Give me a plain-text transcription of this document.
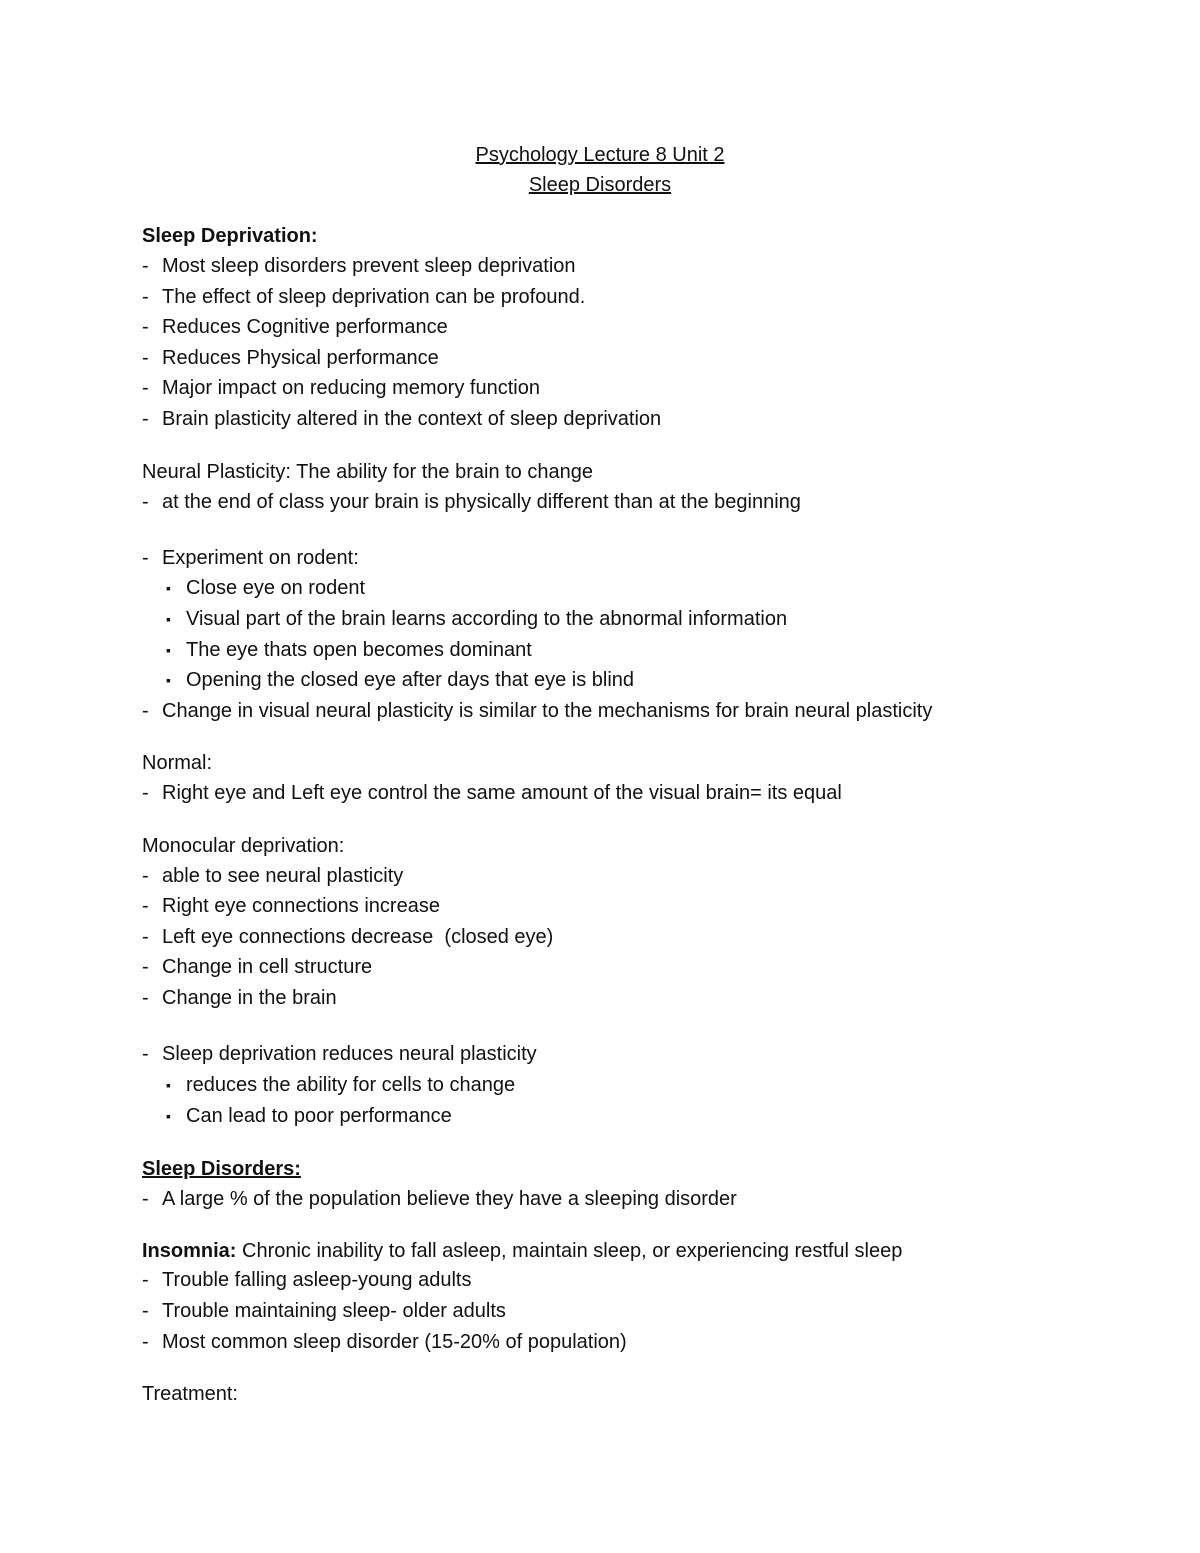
Psychology Lecture 8 Unit 2
Sleep Disorders
Sleep Deprivation:
- Most sleep disorders prevent sleep deprivation
- The effect of sleep deprivation can be profound.
- Reduces Cognitive performance
- Reduces Physical performance
- Major impact on reducing memory function
- Brain plasticity altered in the context of sleep deprivation
Neural Plasticity: The ability for the brain to change
- at the end of class your brain is physically different than at the beginning
- Experiment on rodent:
▪ Close eye on rodent
▪ Visual part of the brain learns according to the abnormal information
▪ The eye thats open becomes dominant
▪ Opening the closed eye after days that eye is blind
- Change in visual neural plasticity is similar to the mechanisms for brain neural plasticity
Normal:
- Right eye and Left eye control the same amount of the visual brain= its equal
Monocular deprivation:
- able to see neural plasticity
- Right eye connections increase
- Left eye connections decrease  (closed eye)
- Change in cell structure
- Change in the brain
- Sleep deprivation reduces neural plasticity
▪ reduces the ability for cells to change
▪ Can lead to poor performance
Sleep Disorders:
- A large % of the population believe they have a sleeping disorder
Insomnia: Chronic inability to fall asleep, maintain sleep, or experiencing restful sleep
- Trouble falling asleep-young adults
- Trouble maintaining sleep- older adults
- Most common sleep disorder (15-20% of population)
Treatment:
